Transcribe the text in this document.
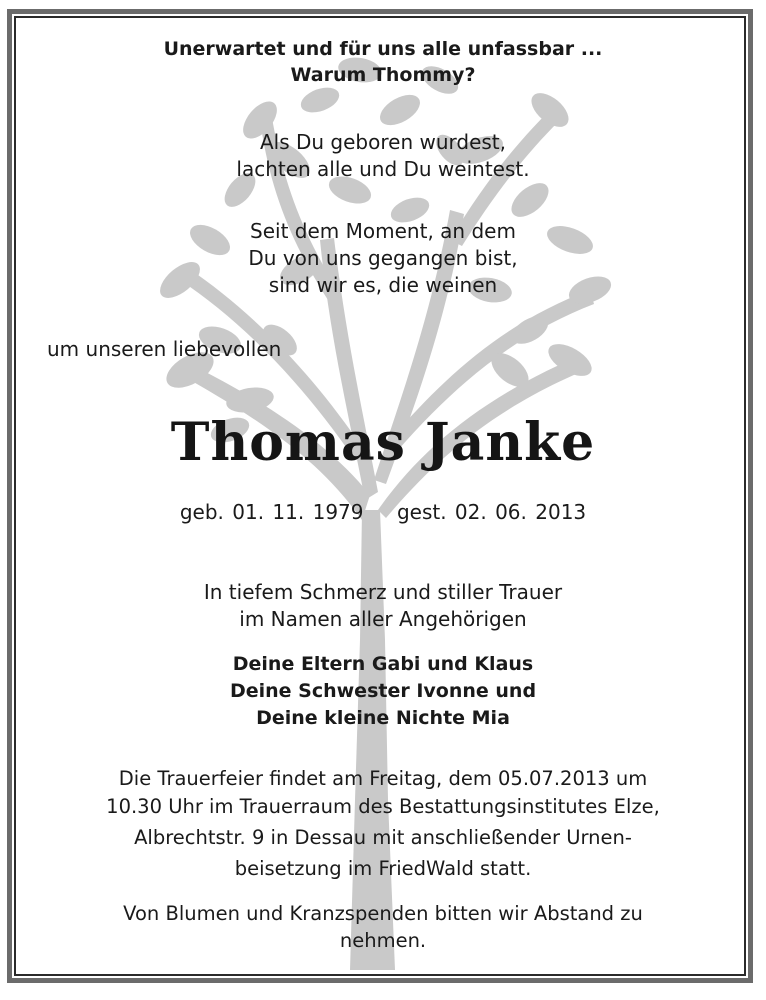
Unerwartet und für uns alle unfassbar ...
Warum Thommy?
Als Du geboren wurdest,
lachten alle und Du weintest.
Seit dem Moment, an dem
Du von uns gegangen bist,
sind wir es, die weinen
um unseren liebevollen
Thomas Janke
geb. 01. 11. 1979 gest. 02. 06. 2013
In tiefem Schmerz und stiller Trauer
im Namen aller Angehörigen
Deine Eltern Gabi und Klaus
Deine Schwester Ivonne und
Deine kleine Nichte Mia
Die Trauerfeier findet am Freitag, dem 05.07.2013 um
10.30 Uhr im Trauerraum des Bestattungsinstitutes Elze,
Albrechtstr. 9 in Dessau mit anschließender Urnen-
beisetzung im FriedWald statt.
Von Blumen und Kranzspenden bitten wir Abstand zu
nehmen.
